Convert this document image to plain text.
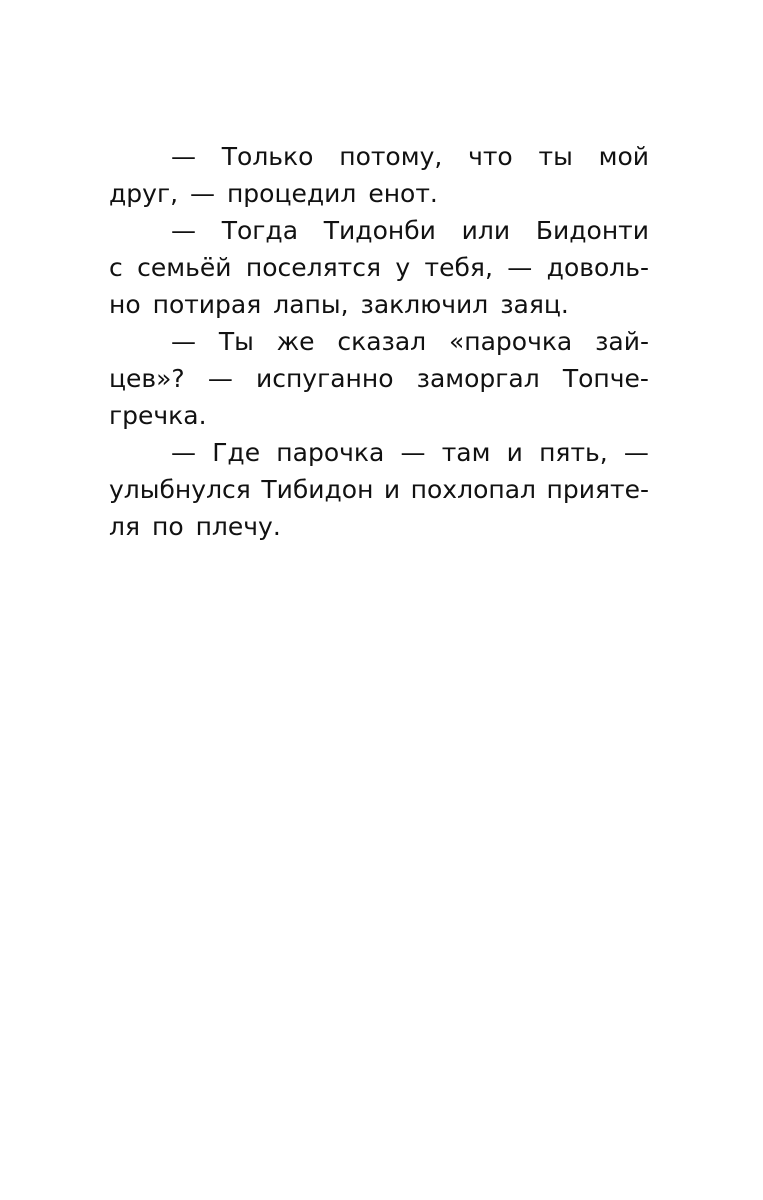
— Только потому, что ты мой
друг, — процедил енот.
— Тогда Тидонби или Бидонти
с семьёй поселятся у тебя, — доволь-
но потирая лапы, заключил заяц.
— Ты же сказал «парочка зай-
цев»? — испуганно заморгал Топче-
гречка.
— Где парочка — там и пять, —
улыбнулся Тибидон и похлопал прияте-
ля по плечу.
